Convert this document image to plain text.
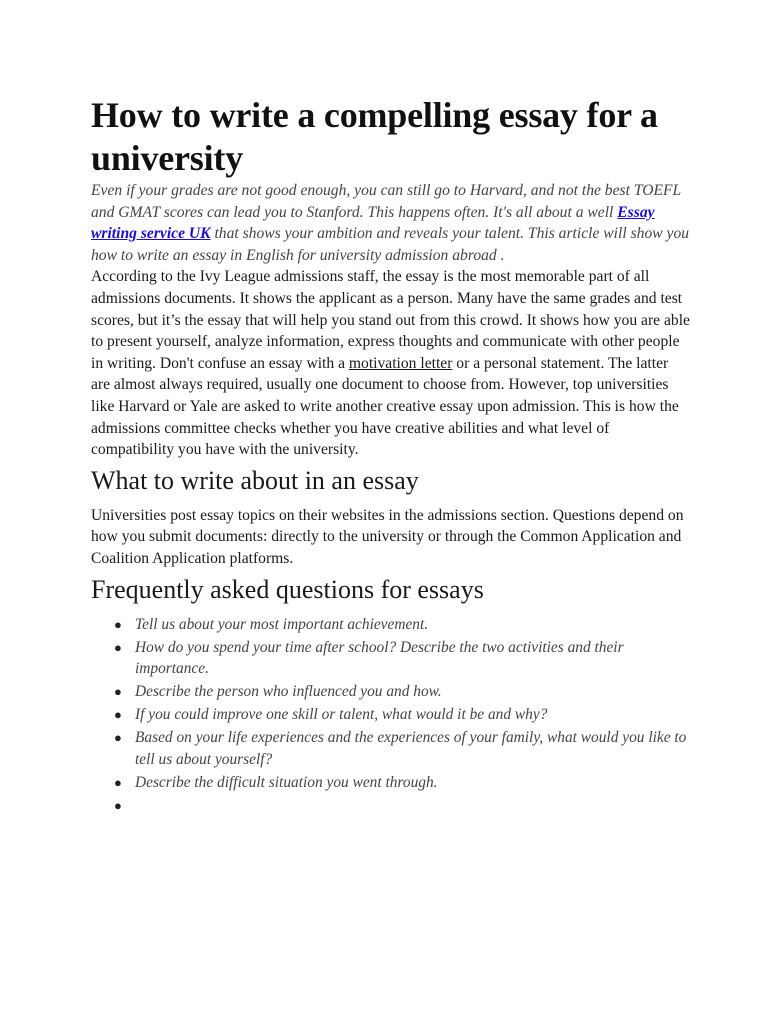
How to write a compelling essay for a university

Even if your grades are not good enough, you can still go to Harvard, and not the best TOEFL and GMAT scores can lead you to Stanford. This happens often. It's all about a well Essay writing service UK that shows your ambition and reveals your talent. This article will show you how to write an essay in English for university admission abroad .

According to the Ivy League admissions staff, the essay is the most memorable part of all admissions documents. It shows the applicant as a person. Many have the same grades and test scores, but it’s the essay that will help you stand out from this crowd. It shows how you are able to present yourself, analyze information, express thoughts and communicate with other people in writing. Don't confuse an essay with a motivation letter or a personal statement. The latter are almost always required, usually one document to choose from. However, top universities like Harvard or Yale are asked to write another creative essay upon admission. This is how the admissions committee checks whether you have creative abilities and what level of compatibility you have with the university.

What to write about in an essay

Universities post essay topics on their websites in the admissions section. Questions depend on how you submit documents: directly to the university or through the Common Application and Coalition Application platforms.

Frequently asked questions for essays
● Tell us about your most important achievement.
● How do you spend your time after school? Describe the two activities and their importance.
● Describe the person who influenced you and how.
● If you could improve one skill or talent, what would it be and why?
● Based on your life experiences and the experiences of your family, what would you like to tell us about yourself?
● Describe the difficult situation you went through.
●
